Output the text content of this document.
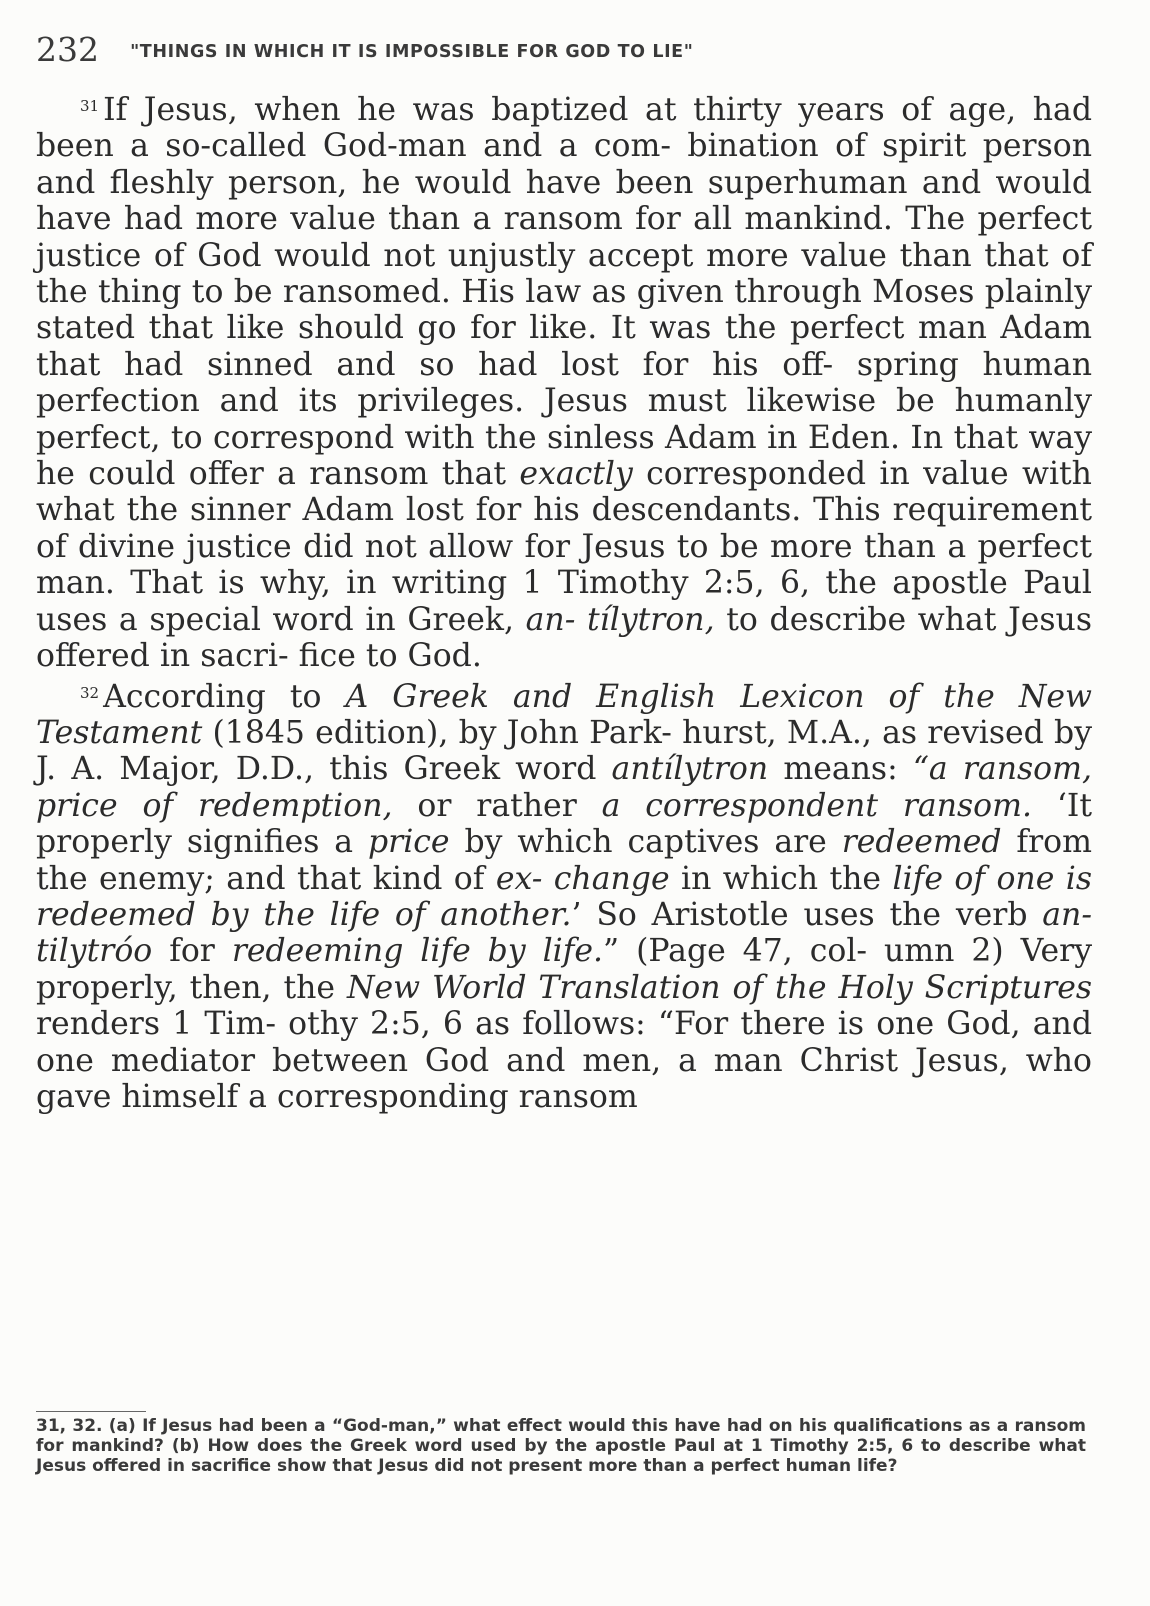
232 "THINGS IN WHICH IT IS IMPOSSIBLE FOR GOD TO LIE"

$^{31}$ If Jesus, when he was baptized at thirty years of age, had been a so-called God-man and a com- bination of spirit person and fleshly person, he would have been superhuman and would have had more value than a ransom for all mankind. The perfect justice of God would not unjustly accept more value than that of the thing to be ransomed. His law as given through Moses plainly stated that like should go for like. It was the perfect man Adam that had sinned and so had lost for his off- spring human perfection and its privileges. Jesus must likewise be humanly perfect, to correspond with the sinless Adam in Eden. In that way he could offer a ransom that exactly corresponded in value with what the sinner Adam lost for his descendants. This requirement of divine justice did not allow for Jesus to be more than a perfect man. That is why, in writing 1 Timothy 2:5, 6, the apostle Paul uses a special word in Greek, an- tílytron, to describe what Jesus offered in sacri- fice to God.

$^{32}$ According to A Greek and English Lexicon of the New Testament (1845 edition), by John Park- hurst, M.A., as revised by J. A. Major, D.D., this Greek word antílytron means: “a ransom, price of redemption, or rather a correspondent ransom. ‘It properly signifies a price by which captives are redeemed from the enemy; and that kind of ex- change in which the life of one is redeemed by the life of another.’ So Aristotle uses the verb an- tilytróo for redeeming life by life.” (Page 47, col- umn 2) Very properly, then, the New World Translation of the Holy Scriptures renders 1 Tim- othy 2:5, 6 as follows: “For there is one God, and one mediator between God and men, a man Christ Jesus, who gave himself a corresponding ransom

31, 32. (a) If Jesus had been a “God-man,” what effect would this have had on his qualifications as a ransom for mankind? (b) How does the Greek word used by the apostle Paul at 1 Timothy 2:5, 6 to describe what Jesus offered in sacrifice show that Jesus did not present more than a perfect human life?
